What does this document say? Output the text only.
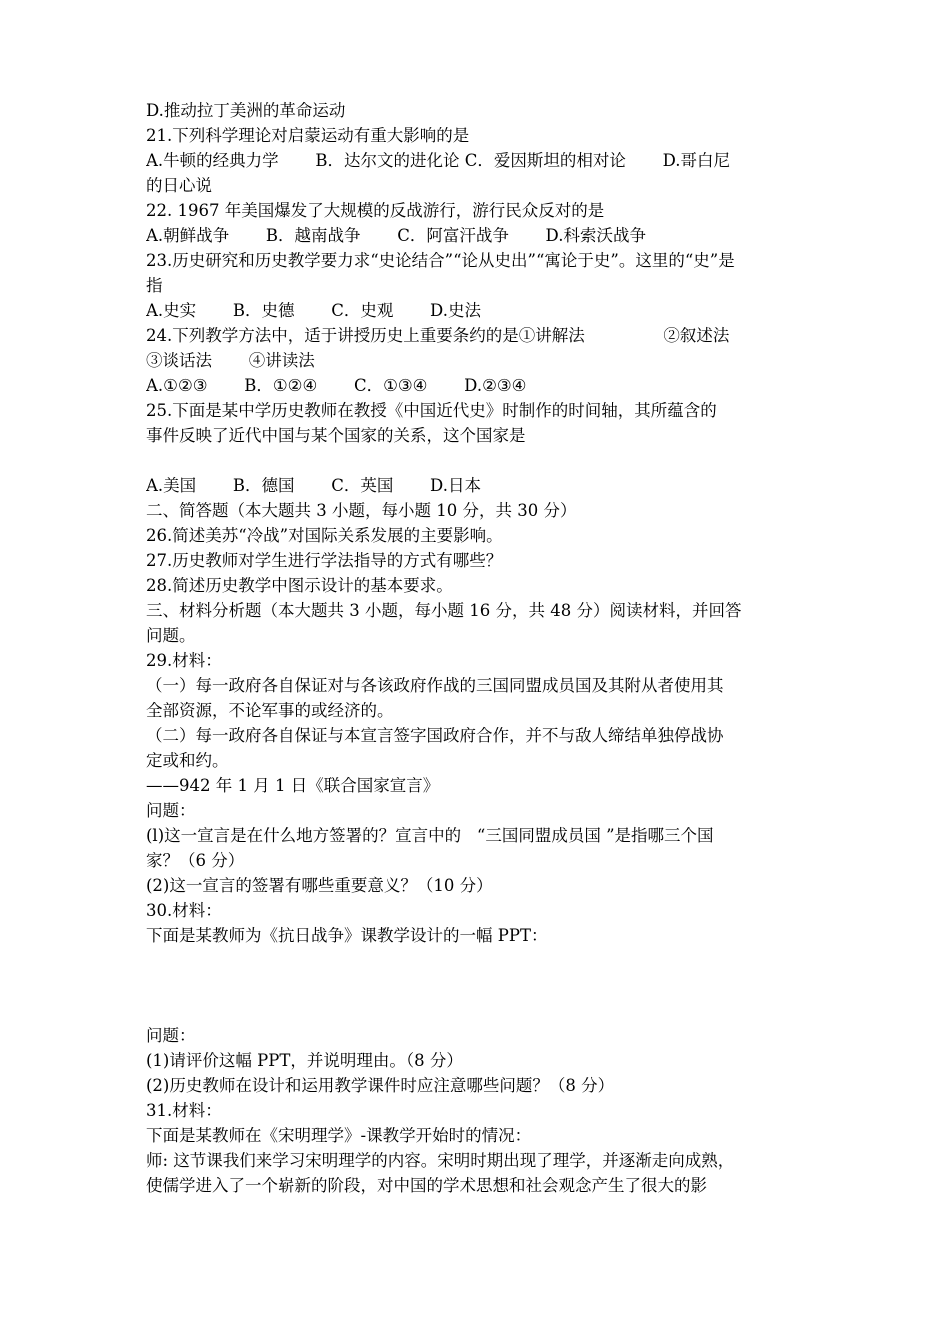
D.推动拉丁美洲的革命运动
21.下列科学理论对启蒙运动有重大影响的是
A.牛顿的经典力学       B．达尔文的进化论 C．爱因斯坦的相对论       D.哥白尼
的日心说
22. 1967 年美国爆发了大规模的反战游行，游行民众反对的是
A.朝鲜战争       B．越南战争       C．阿富汗战争       D.科索沃战争
23.历史研究和历史教学要力求“史论结合”“论从史出”“寓论于史”。这里的“史”是
指
A.史实       B．史德       C．史观       D.史法
24.下列教学方法中，适于讲授历史上重要条约的是①讲解法               ②叙述法
③谈话法       ④讲读法
A.①②③       B．①②④       C．①③④       D.②③④
25.下面是某中学历史教师在教授《中国近代史》时制作的时间轴，其所蕴含的
事件反映了近代中国与某个国家的关系，这个国家是
A.美国       B．德国       C．英国       D.日本
二、简答题（本大题共 3 小题，每小题 10 分，共 30 分）
26.简述美苏“冷战”对国际关系发展的主要影响。
27.历史教师对学生进行学法指导的方式有哪些？
28.简述历史教学中图示设计的基本要求。
三、材料分析题（本大题共 3 小题，每小题 16 分，共 48 分）阅读材料，并回答
问题。
29.材料：
（一）每一政府各自保证对与各该政府作战的三国同盟成员国及其附从者使用其
全部资源，不论军事的或经济的。
（二）每一政府各自保证与本宣言签字国政府合作，并不与敌人缔结单独停战协
定或和约。
——942 年 1 月 1 日《联合国家宣言》
问题：
(l)这一宣言是在什么地方签署的？宣言中的   “三国同盟成员国 ”是指哪三个国
家？（6 分）
(2)这一宣言的签署有哪些重要意义？（10 分）
30.材料：
下面是某教师为《抗日战争》课教学设计的一幅 PPT：
问题：
(1)请评价这幅 PPT，并说明理由。（8 分）
(2)历史教师在设计和运用教学课件时应注意哪些问题？（8 分）
31.材料：
下面是某教师在《宋明理学》-课教学开始时的情况：
师: 这节课我们来学习宋明理学的内容。宋明时期出现了理学，并逐渐走向成熟，
使儒学进入了一个崭新的阶段，对中国的学术思想和社会观念产生了很大的影
